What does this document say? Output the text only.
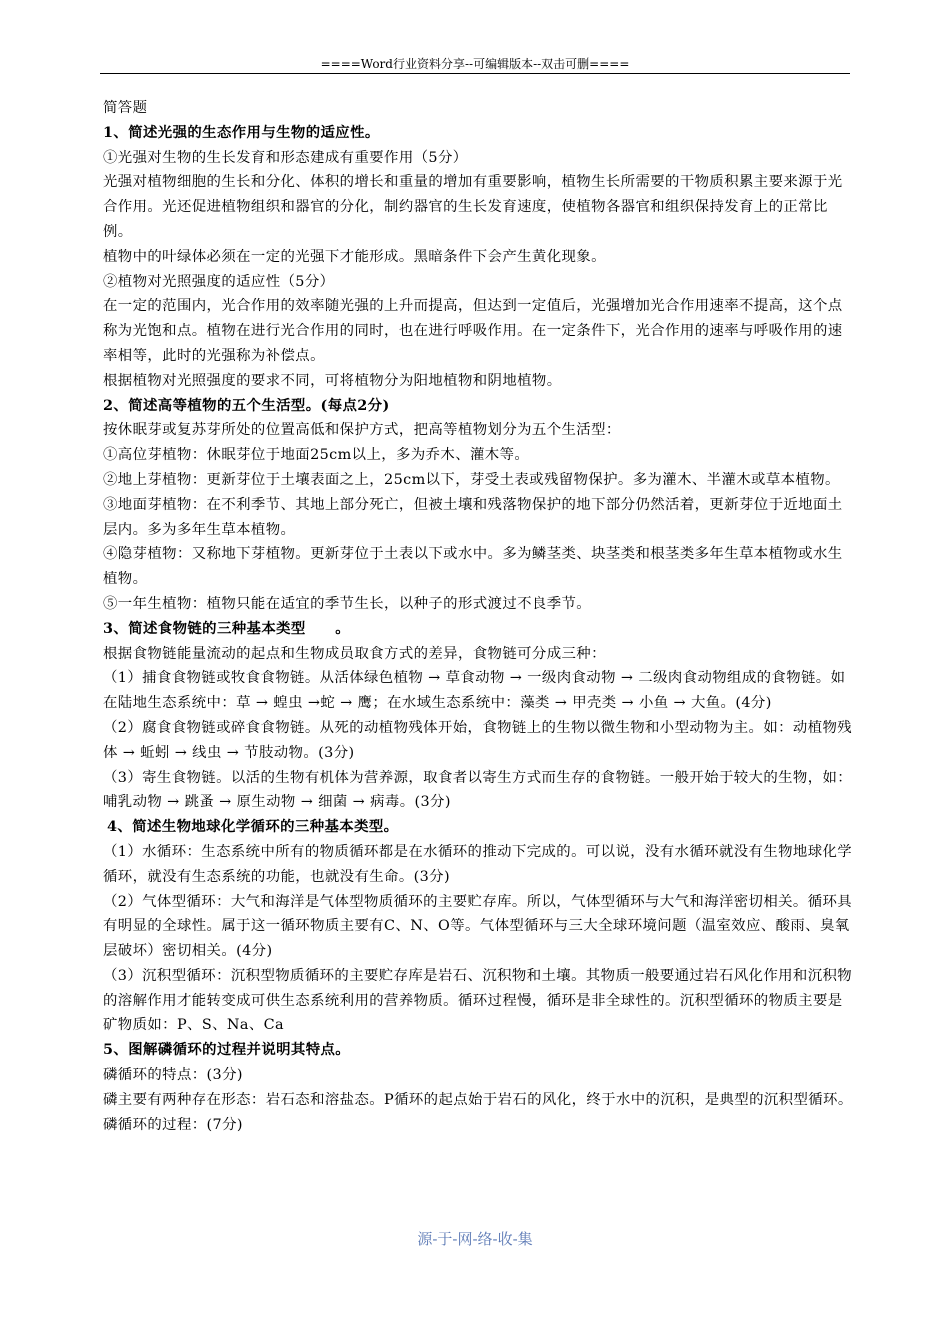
====Word行业资料分享--可编辑版本--双击可删====

简答题

1、简述光强的生态作用与生物的适应性。

①光强对生物的生长发育和形态建成有重要作用（5分）

光强对植物细胞的生长和分化、体积的增长和重量的增加有重要影响，植物生长所需要的干物质积累主要来源于光合作用。光还促进植物组织和器官的分化，制约器官的生长发育速度，使植物各器官和组织保持发育上的正常比例。

植物中的叶绿体必须在一定的光强下才能形成。黑暗条件下会产生黄化现象。

②植物对光照强度的适应性（5分）

在一定的范围内，光合作用的效率随光强的上升而提高，但达到一定值后，光强增加光合作用速率不提高，这个点称为光饱和点。植物在进行光合作用的同时，也在进行呼吸作用。在一定条件下，光合作用的速率与呼吸作用的速率相等，此时的光强称为补偿点。

根据植物对光照强度的要求不同，可将植物分为阳地植物和阴地植物。

2、简述高等植物的五个生活型。(每点2分)

按休眠芽或复苏芽所处的位置高低和保护方式，把高等植物划分为五个生活型：

①高位芽植物：休眠芽位于地面25cm以上，多为乔木、灌木等。

②地上芽植物：更新芽位于土壤表面之上，25cm以下，芽受土表或残留物保护。多为灌木、半灌木或草本植物。

③地面芽植物：在不利季节、其地上部分死亡，但被土壤和残落物保护的地下部分仍然活着，更新芽位于近地面土层内。多为多年生草本植物。

④隐芽植物：又称地下芽植物。更新芽位于土表以下或水中。多为鳞茎类、块茎类和根茎类多年生草本植物或水生植物。

⑤一年生植物：植物只能在适宜的季节生长，以种子的形式渡过不良季节。

3、简述食物链的三种基本类型　　。

根据食物链能量流动的起点和生物成员取食方式的差异，食物链可分成三种：

（1）捕食食物链或牧食食物链。从活体绿色植物 → 草食动物 → 一级肉食动物 → 二级肉食动物组成的食物链。如在陆地生态系统中：草 → 蝗虫 →蛇 → 鹰；在水域生态系统中：藻类 → 甲壳类 → 小鱼 → 大鱼。(4分)

（2）腐食食物链或碎食食物链。从死的动植物残体开始，食物链上的生物以微生物和小型动物为主。如：动植物残体 → 蚯蚓 → 线虫 → 节肢动物。(3分)

（3）寄生食物链。以活的生物有机体为营养源，取食者以寄生方式而生存的食物链。一般开始于较大的生物，如：哺乳动物 → 跳蚤 → 原生动物 → 细菌 → 病毒。(3分)

4、简述生物地球化学循环的三种基本类型。

（1）水循环：生态系统中所有的物质循环都是在水循环的推动下完成的。可以说，没有水循环就没有生物地球化学循环，就没有生态系统的功能，也就没有生命。(3分)

（2）气体型循环：大气和海洋是气体型物质循环的主要贮存库。所以，气体型循环与大气和海洋密切相关。循环具有明显的全球性。属于这一循环物质主要有C、N、O等。气体型循环与三大全球环境问题（温室效应、酸雨、臭氧层破坏）密切相关。(4分)

（3）沉积型循环：沉积型物质循环的主要贮存库是岩石、沉积物和土壤。其物质一般要通过岩石风化作用和沉积物的溶解作用才能转变成可供生态系统利用的营养物质。循环过程慢，循环是非全球性的。沉积型循环的物质主要是矿物质如：P、S、Na、Ca

5、图解磷循环的过程并说明其特点。

磷循环的特点：(3分)

磷主要有两种存在形态：岩石态和溶盐态。P循环的起点始于岩石的风化，终于水中的沉积，是典型的沉积型循环。

磷循环的过程：(7分)

源-于-网-络-收-集
